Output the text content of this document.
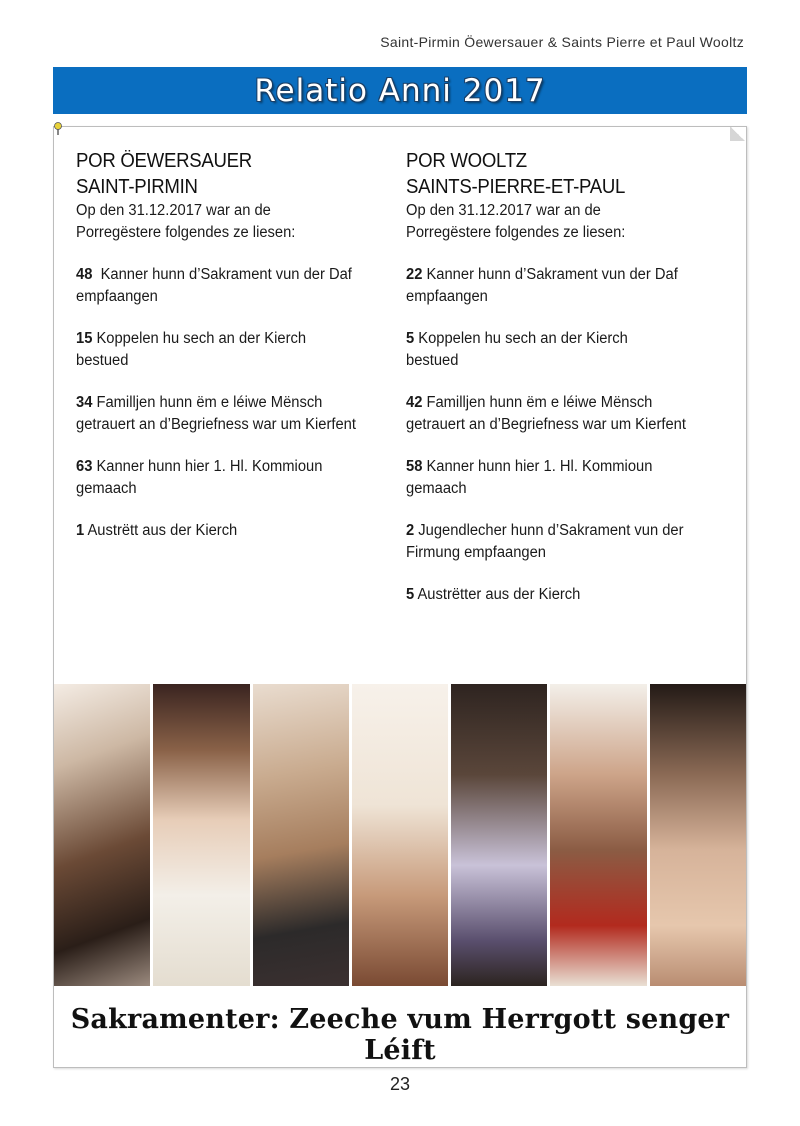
Saint-Pirmin Öewersauer & Saints Pierre et Paul Wooltz
Relatio Anni 2017
POR ÖEWERSAUER
SAINT-PIRMIN

Op den 31.12.2017 war an de
Porregëstere folgendes ze liesen:

48 Kanner hunn d’Sakrament vun der Daf
empfaangen

15 Koppelen hu sech an der Kierch
bestued

34 Familljen hunn ëm e léiwe Mënsch
getrauert an d’Begriefness war um Kierfent

63 Kanner hunn hier 1. Hl. Kommioun
gemaach

1 Austrëtt aus der Kierch

POR WOOLTZ
SAINTS-PIERRE-ET-PAUL

Op den 31.12.2017 war an de
Porregëstere folgendes ze liesen:

22 Kanner hunn d’Sakrament vun der Daf
empfaangen

5 Koppelen hu sech an der Kierch
bestued

42 Familljen hunn ëm e léiwe Mënsch
getrauert an d’Begriefness war um Kierfent

58 Kanner hunn hier 1. Hl. Kommioun
gemaach

2 Jugendlecher hunn d’Sakrament vun der
Firmung empfaangen

5 Austrëtter aus der Kierch

Sakramenter: Zeeche vum Herrgott senger Léift
23
